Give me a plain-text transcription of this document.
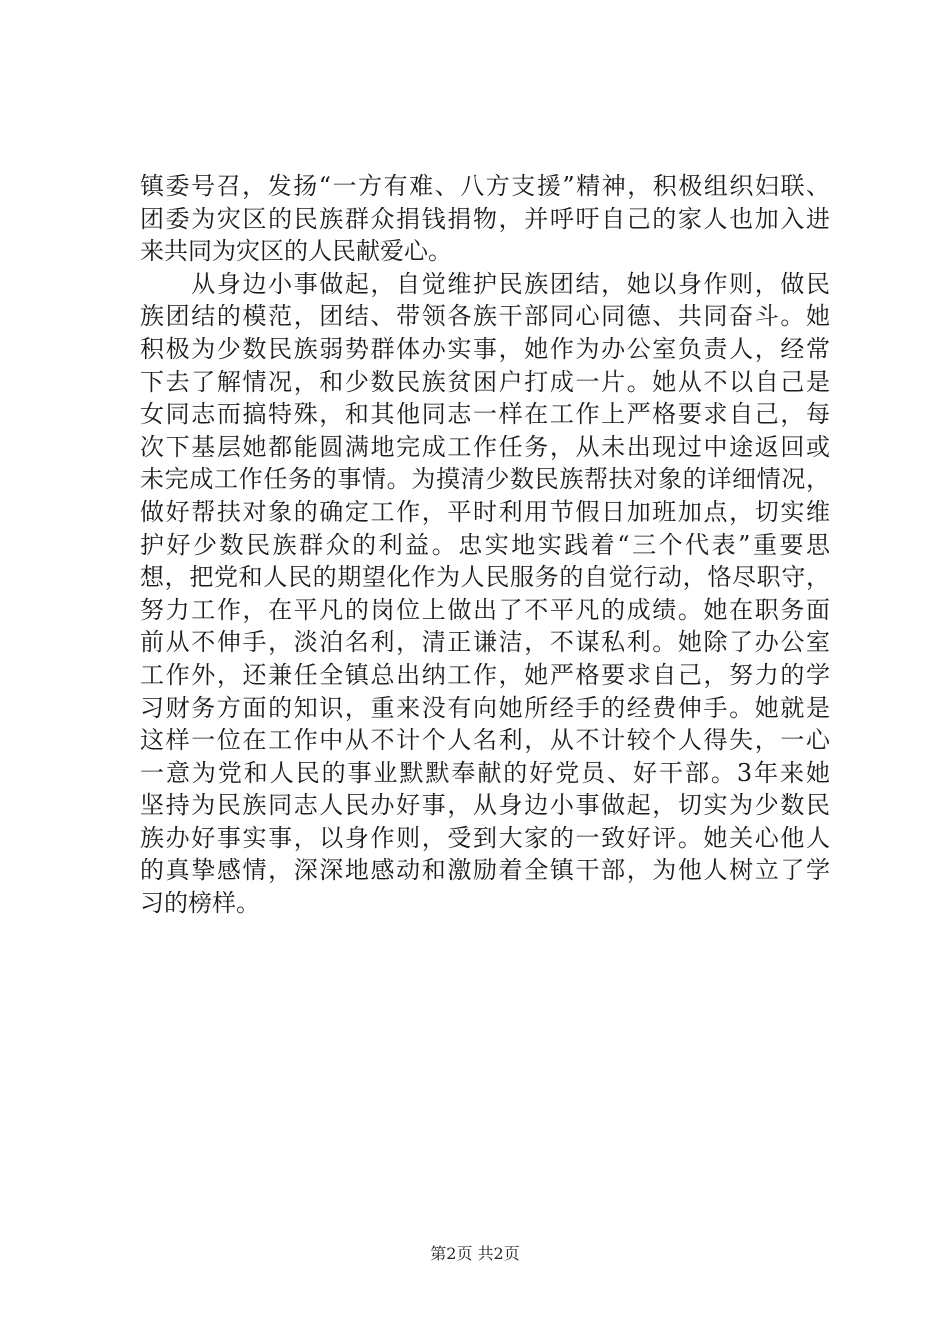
镇委号召，发扬“一方有难、八方支援”精神，积极组织妇联、
团委为灾区的民族群众捐钱捐物，并呼吁自己的家人也加入进
来共同为灾区的人民献爱心。
　　从身边小事做起，自觉维护民族团结，她以身作则，做民
族团结的模范，团结、带领各族干部同心同德、共同奋斗。她
积极为少数民族弱势群体办实事，她作为办公室负责人，经常
下去了解情况，和少数民族贫困户打成一片。她从不以自己是
女同志而搞特殊，和其他同志一样在工作上严格要求自己，每
次下基层她都能圆满地完成工作任务，从未出现过中途返回或
未完成工作任务的事情。为摸清少数民族帮扶对象的详细情况，
做好帮扶对象的确定工作，平时利用节假日加班加点，切实维
护好少数民族群众的利益。忠实地实践着“三个代表”重要思
想，把党和人民的期望化作为人民服务的自觉行动，恪尽职守，
努力工作，在平凡的岗位上做出了不平凡的成绩。她在职务面
前从不伸手，淡泊名利，清正谦洁，不谋私利。她除了办公室
工作外，还兼任全镇总出纳工作，她严格要求自己，努力的学
习财务方面的知识，重来没有向她所经手的经费伸手。她就是
这样一位在工作中从不计个人名利，从不计较个人得失，一心
一意为党和人民的事业默默奉献的好党员、好干部。3年来她
坚持为民族同志人民办好事，从身边小事做起，切实为少数民
族办好事实事，以身作则，受到大家的一致好评。她关心他人
的真挚感情，深深地感动和激励着全镇干部，为他人树立了学
习的榜样。
第2页 共2页
